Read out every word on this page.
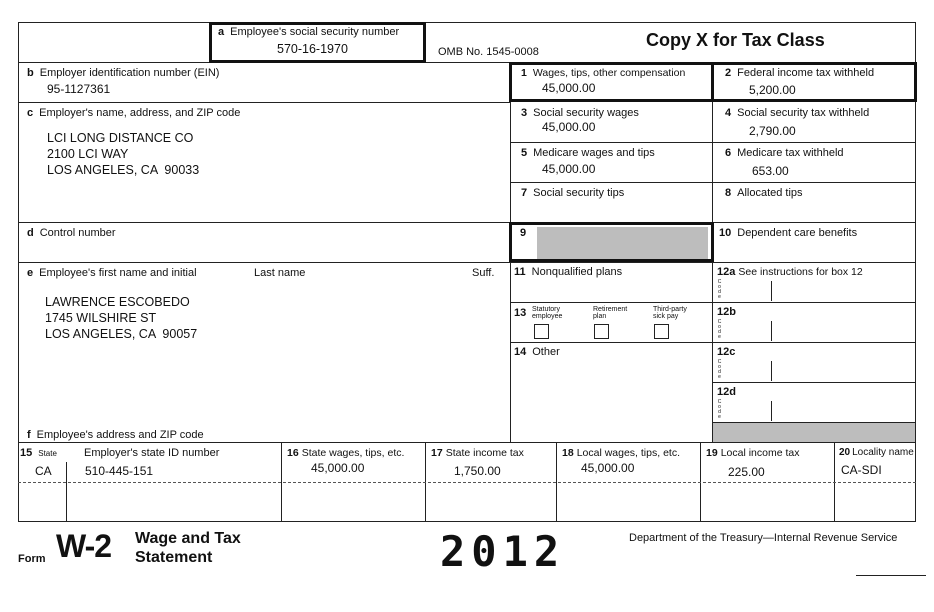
a Employee's social security number
570-16-1970	OMB No. 1545-0008
Copy X for Tax Class
b Employer identification number (EIN)
95-1127361
c Employer's name, address, and ZIP code
LCI LONG DISTANCE CO
2100 LCI WAY
LOS ANGELES, CA  90033
d Control number
e Employee's first name and initial	Last name	Suff.
LAWRENCE ESCOBEDO
1745 WILSHIRE ST
LOS ANGELES, CA  90057
f Employee's address and ZIP code
1 Wages, tips, other compensation
45,000.00
2 Federal income tax withheld
5,200.00
3 Social security wages
45,000.00
4 Social security tax withheld
2,790.00
5 Medicare wages and tips
45,000.00
6 Medicare tax withheld
653.00
7 Social security tips	8 Allocated tips
9	10 Dependent care benefits
11 Nonqualified plans	12a See instructions for box 12
12b
12c
12d
C
o
d
e
C
o
d
e
C
o
d
e
C
o
d
e
13 Statutory
employee
Retirement
plan
Third-party
sick pay
14 Other
15 State Employer's state ID number
CA	510-445-151
16 State wages, tips, etc.
45,000.00
17 State income tax
1,750.00
18 Local wages, tips, etc.
45,000.00
19 Local income tax
225.00
20 Locality name
CA-SDI
Form W-2 Wage and Tax
Statement	2012	Department of the Treasury—Internal Revenue Service
